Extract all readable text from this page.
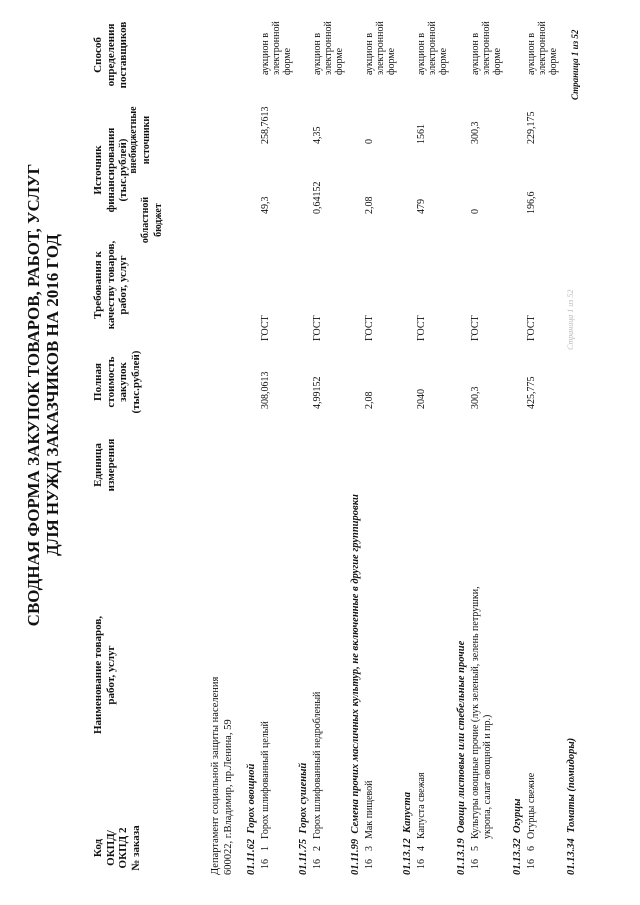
СВОДНАЯ ФОРМА ЗАКУПОК ТОВАРОВ, РАБОТ, УСЛУГ ДЛЯ НУЖД ЗАКАЗЧИКОВ НА 2016 ГОД
Код ОКПД/ ОКПД 2 № заказа
Наименование товаров, работ, услуг
Единица измерения
Полная стоимость закупок (тыс.рублей)
Требования к качеству товаров, работ, услуг
Источник финансирования (тыс.рублей)
областной бюджет
внебюджетные источники
Способ определения поставщиков
Департамент социальной защиты населения 600022, г.Владимир, пр.Ленина, 59 01.11.62  Горох овощной
16
1
Горох шлифованный целый
308,0613
ГОСТ
49,3
258,7613
аукцион в электронной форме
01.11.75  Горох сушеный
16
2
Горох шлифованный недробленый
4,99152
ГОСТ
0,64152
4,35
аукцион в электронной форме
01.11.99  Семена прочих масличных культур, не включенные в другие группировки
16
3
Мак пищевой
2,08
ГОСТ
2,08
0
аукцион в электронной форме
01.13.12  Капуста
16
4
Капуста свежая
2040
ГОСТ
479
1561
аукцион в электронной форме
01.13.19  Овощи листовые или стебельные прочие
16
5
Культуры овощные прочие (лук зеленый, зелень петрушки, укропа, салат овощной и пр.)
300,3
ГОСТ
0
300,3
аукцион в электронной форме
01.13.32  Огурцы
16
6
Огурцы свежие
425,775
ГОСТ
196,6
229,175
аукцион в электронной форме
01.13.34  Томаты (помидоры)
Страница 1 из 52
Страница 1 из 52
